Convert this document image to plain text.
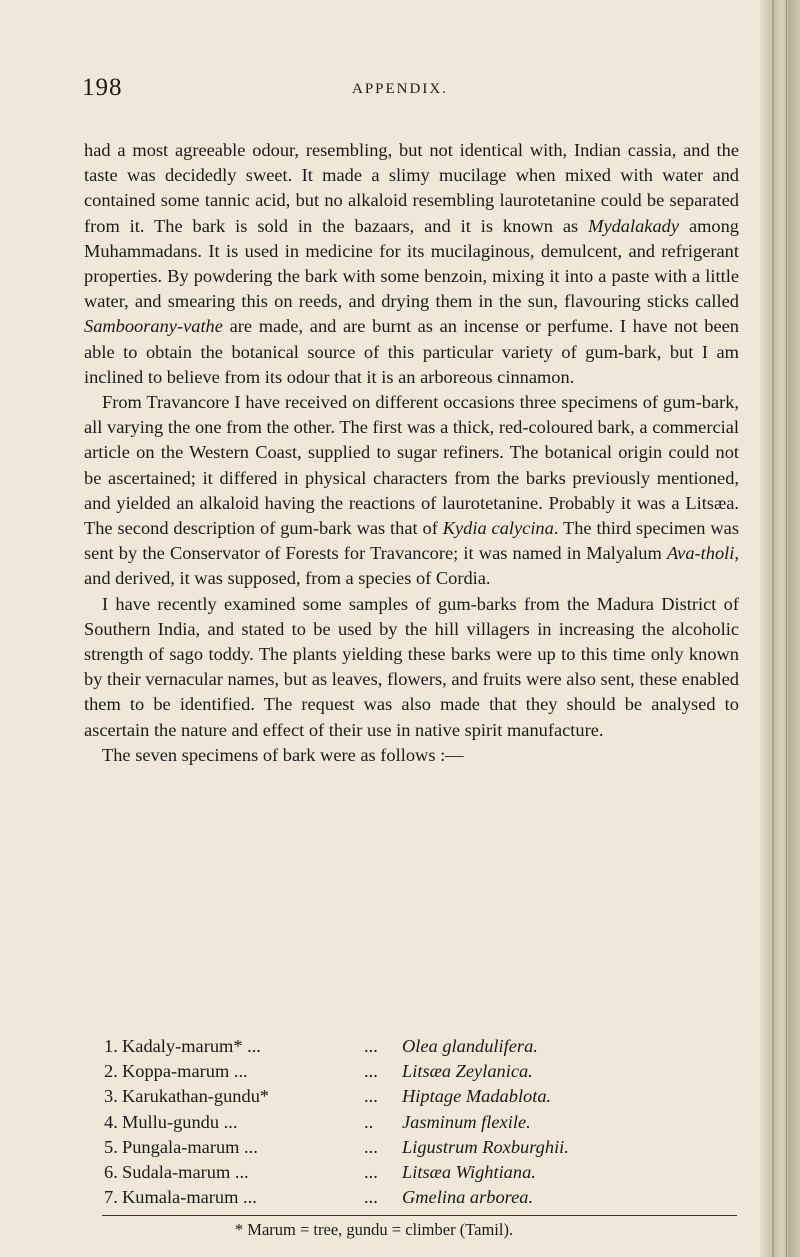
198	APPENDIX.

had a most agreeable odour, resembling, but not identical with, Indian cassia, and the taste was decidedly sweet. It made a slimy mucilage when mixed with water and contained some tannic acid, but no alkaloid resembling laurotetanine could be separated from it. The bark is sold in the bazaars, and it is known as Mydalakady among Muhammadans. It is used in medicine for its mucilaginous, demulcent, and refrigerant properties. By powdering the bark with some benzoin, mixing it into a paste with a little water, and smearing this on reeds, and drying them in the sun, flavouring sticks called Samboorany-vathe are made, and are burnt as an incense or perfume. I have not been able to obtain the botanical source of this particular variety of gum-bark, but I am inclined to believe from its odour that it is an arboreous cinnamon.

From Travancore I have received on different occasions three specimens of gum-bark, all varying the one from the other. The first was a thick, red-coloured bark, a commercial article on the Western Coast, supplied to sugar refiners. The botanical origin could not be ascertained; it differed in physical characters from the barks previously mentioned, and yielded an alkaloid having the reactions of laurotetanine. Probably it was a Litsæa. The second description of gum-bark was that of Kydia calycina. The third specimen was sent by the Conservator of Forests for Travancore; it was named in Malyalum Ava-tholi, and derived, it was supposed, from a species of Cordia.

I have recently examined some samples of gum-barks from the Madura District of Southern India, and stated to be used by the hill villagers in increasing the alcoholic strength of sago toddy. The plants yielding these barks were up to this time only known by their vernacular names, but as leaves, flowers, and fruits were also sent, these enabled them to be identified. The request was also made that they should be analysed to ascertain the nature and effect of their use in native spirit manufacture.

The seven specimens of bark were as follows :—

1. Kadaly-marum* ...	...	Olea glandulifera.
2. Koppa-marum ...	...	Litsæa Zeylanica.
3. Karukathan-gundu*	...	Hiptage Madablota.
4. Mullu-gundu ...	..	Jasminum flexile.
5. Pungala-marum ...	...	Ligustrum Roxburghii.
6. Sudala-marum ...	...	Litsæa Wightiana.
7. Kumala-marum ...	...	Gmelina arborea.
* Marum = tree, gundu = climber (Tamil).
